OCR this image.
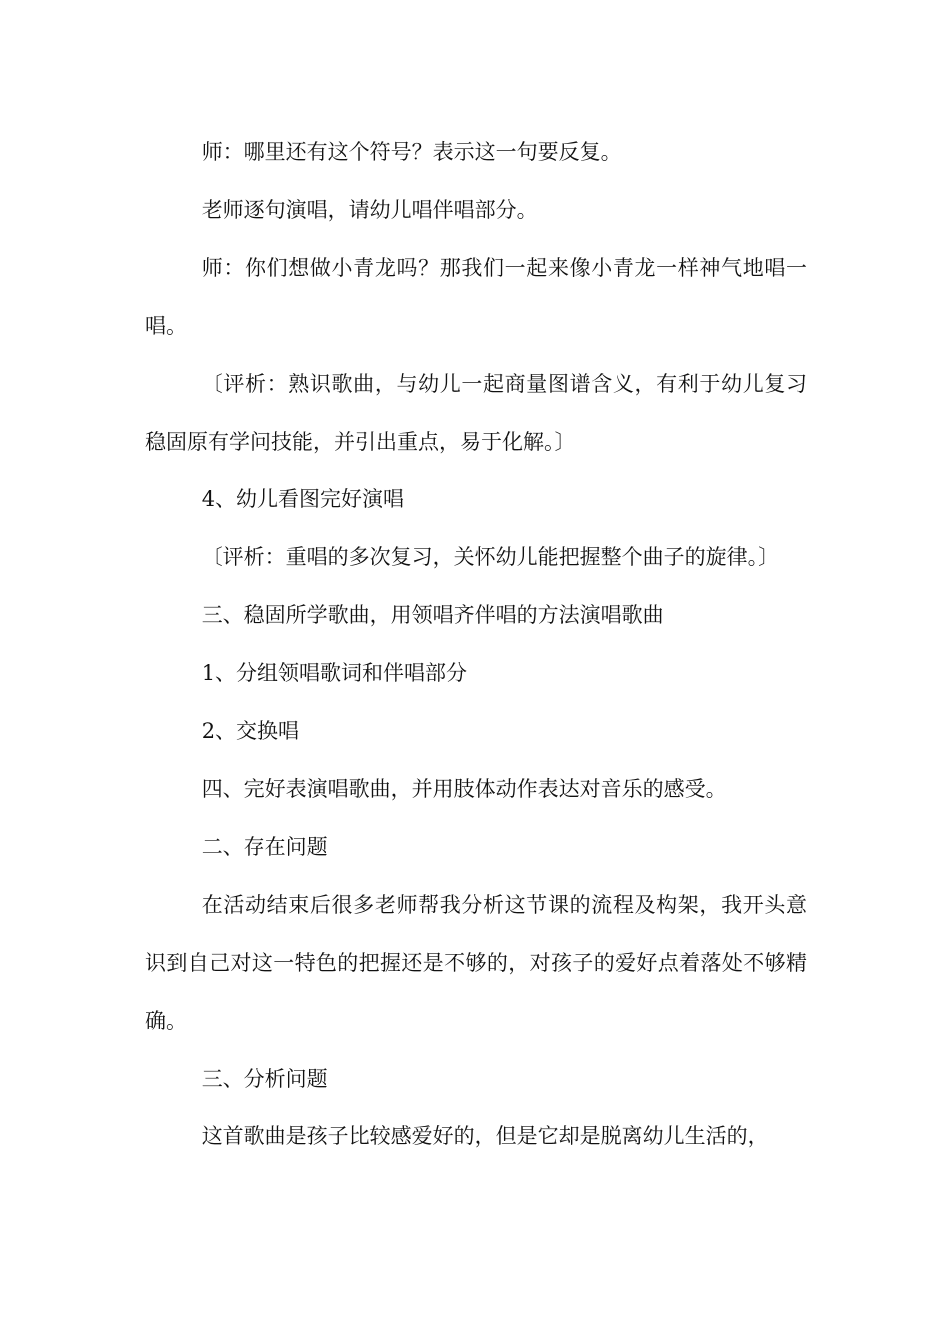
师：哪里还有这个符号？表示这一句要反复。

老师逐句演唱，请幼儿唱伴唱部分。

师：你们想做小青龙吗？那我们一起来像小青龙一样神气地唱一唱。

〔评析：熟识歌曲，与幼儿一起商量图谱含义，有利于幼儿复习稳固原有学问技能，并引出重点，易于化解。〕

4、幼儿看图完好演唱

〔评析：重唱的多次复习，关怀幼儿能把握整个曲子的旋律。〕

三、稳固所学歌曲，用领唱齐伴唱的方法演唱歌曲

1、分组领唱歌词和伴唱部分

2、交换唱

四、完好表演唱歌曲，并用肢体动作表达对音乐的感受。

二、存在问题

在活动结束后很多老师帮我分析这节课的流程及构架，我开头意识到自己对这一特色的把握还是不够的，对孩子的爱好点着落处不够精确。

三、分析问题

这首歌曲是孩子比较感爱好的，但是它却是脱离幼儿生活的，
